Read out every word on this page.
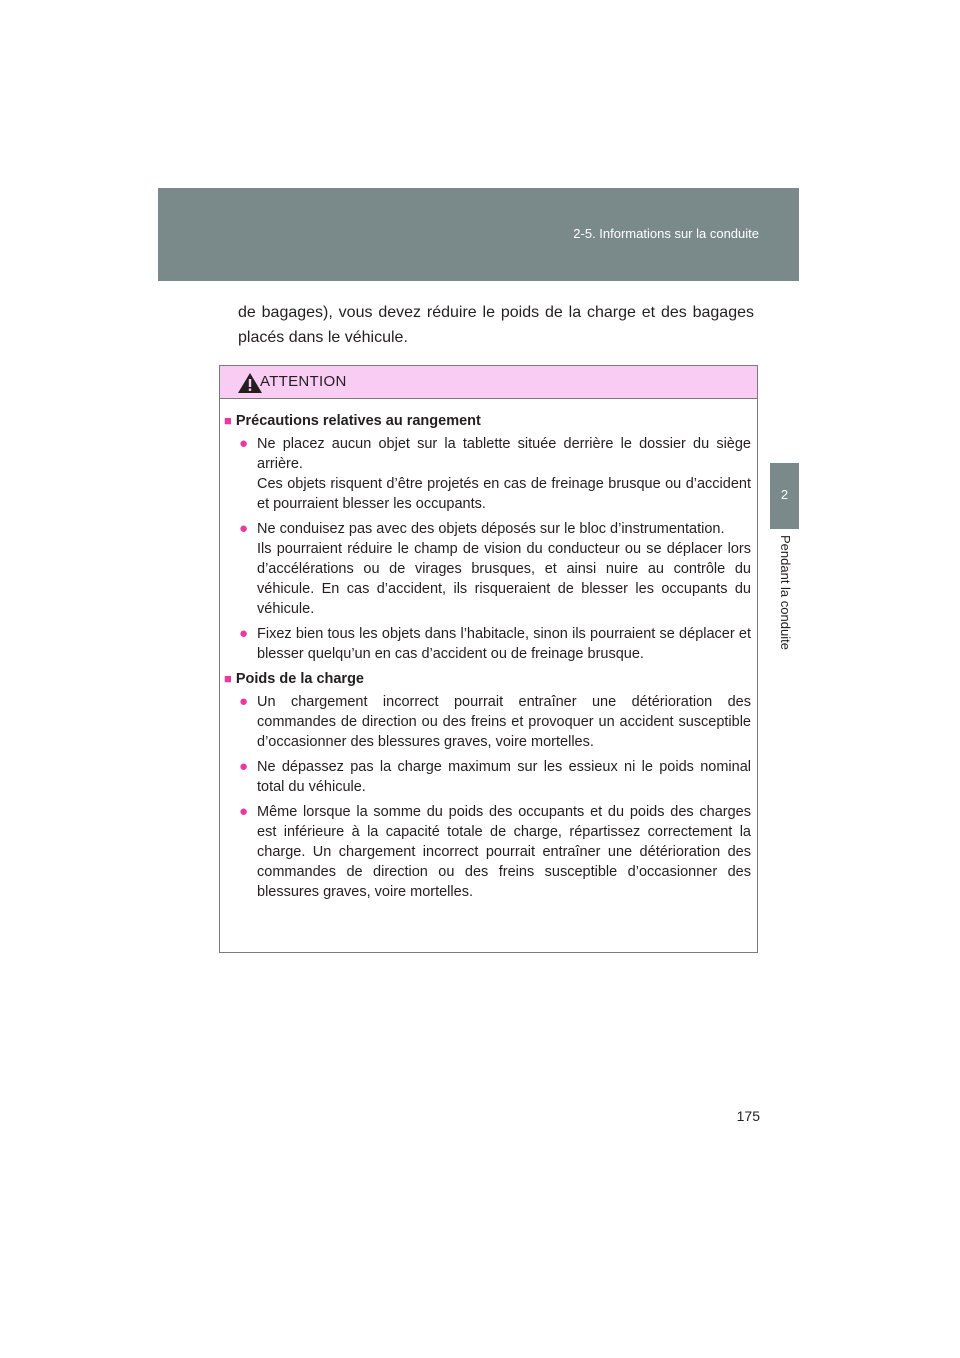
2-5. Informations sur la conduite
2
Pendant la conduite
de bagages), vous devez réduire le poids de la charge et des bagages placés dans le véhicule.
ATTENTION
■ Précautions relatives au rangement
● Ne placez aucun objet sur la tablette située derrière le dossier du siège arrière.

Ces objets risquent d’être projetés en cas de freinage brusque ou d’accident et pourraient blesser les occupants.

● Ne conduisez pas avec des objets déposés sur le bloc d’instrumentation.

Ils pourraient réduire le champ de vision du conducteur ou se déplacer lors d’accélérations ou de virages brusques, et ainsi nuire au contrôle du véhicule. En cas d’accident, ils risqueraient de blesser les occupants du véhicule.

● Fixez bien tous les objets dans l’habitacle, sinon ils pourraient se déplacer et blesser quelqu’un en cas d’accident ou de freinage brusque.

■ Poids de la charge
● Un chargement incorrect pourrait entraîner une détérioration des commandes de direction ou des freins et provoquer un accident susceptible d’occasionner des blessures graves, voire mortelles.

● Ne dépassez pas la charge maximum sur les essieux ni le poids nominal total du véhicule.

● Même lorsque la somme du poids des occupants et du poids des charges est inférieure à la capacité totale de charge, répartissez correctement la charge. Un chargement incorrect pourrait entraîner une détérioration des commandes de direction ou des freins susceptible d’occasionner des blessures graves, voire mortelles.

175
